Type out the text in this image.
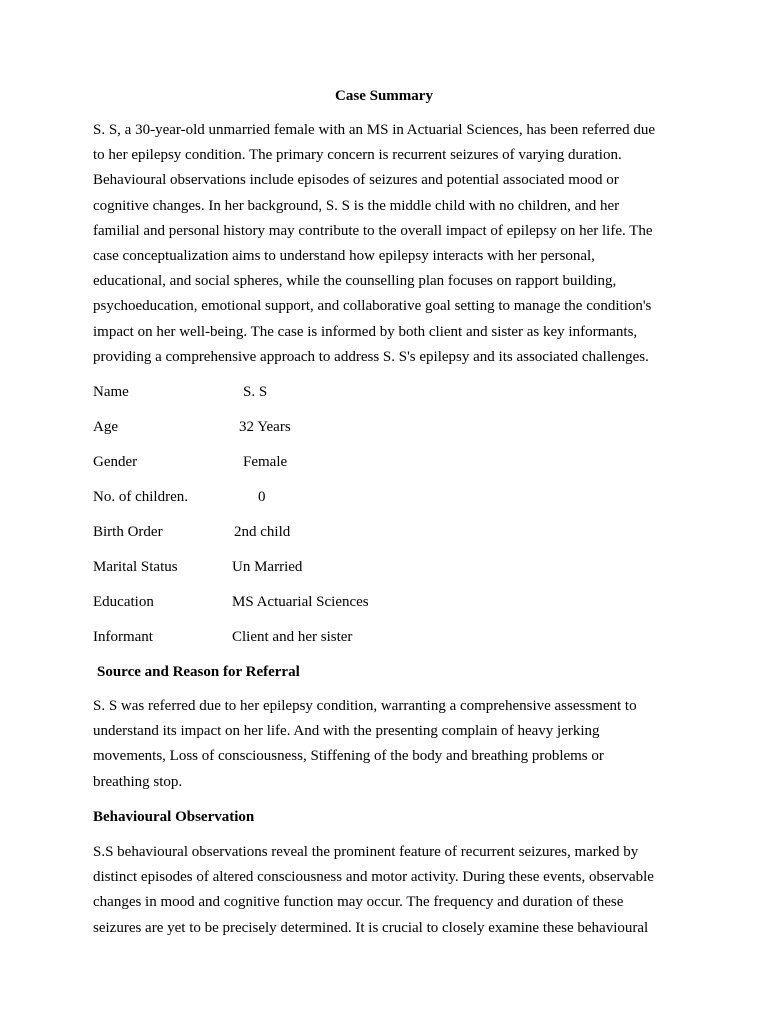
Case Summary
S. S, a 30-year-old unmarried female with an MS in Actuarial Sciences, has been referred due
to her epilepsy condition. The primary concern is recurrent seizures of varying duration.
Behavioural observations include episodes of seizures and potential associated mood or
cognitive changes. In her background, S. S is the middle child with no children, and her
familial and personal history may contribute to the overall impact of epilepsy on her life. The
case conceptualization aims to understand how epilepsy interacts with her personal,
educational, and social spheres, while the counselling plan focuses on rapport building,
psychoeducation, emotional support, and collaborative goal setting to manage the condition's
impact on her well-being. The case is informed by both client and sister as key informants,
providing a comprehensive approach to address S. S's epilepsy and its associated challenges.
Name	S. S
Age	32 Years
Gender	Female
No. of children.	0
Birth Order	2nd child
Marital Status	Un Married
Education	MS Actuarial Sciences
Informant	Client and her sister
Source and Reason for Referral
S. S was referred due to her epilepsy condition, warranting a comprehensive assessment to
understand its impact on her life. And with the presenting complain of heavy jerking
movements, Loss of consciousness, Stiffening of the body and breathing problems or
breathing stop.
Behavioural Observation
S.S behavioural observations reveal the prominent feature of recurrent seizures, marked by
distinct episodes of altered consciousness and motor activity. During these events, observable
changes in mood and cognitive function may occur. The frequency and duration of these
seizures are yet to be precisely determined. It is crucial to closely examine these behavioural
